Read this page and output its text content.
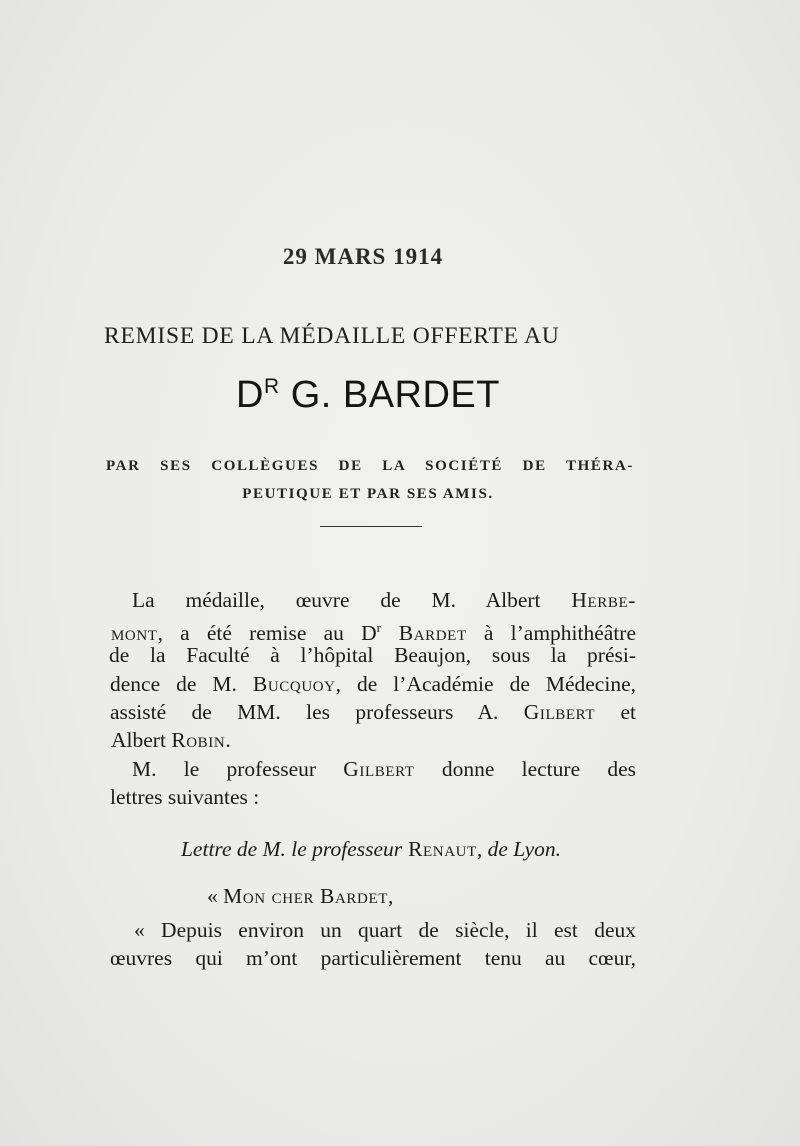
29 MARS 1914
REMISE DE LA MÉDAILLE OFFERTE AU
$D^R$ G. BARDET
PAR SES COLLÈGUES DE LA SOCIÉTÉ DE THÉRA-
PEUTIQUE ET PAR SES AMIS.
La médaille, œuvre de M. Albert Herbe-
mont, a été remise au $D^r$ Bardet à l’amphithéâtre
de la Faculté à l’hôpital Beaujon, sous la prési-
dence de M. Bucquoy, de l’Académie de Médecine,
assisté de MM. les professeurs A. Gilbert et
Albert Robin.
M. le professeur Gilbert donne lecture des
lettres suivantes :
Lettre de M. le professeur Renaut, de Lyon.
« Mon cher Bardet,
« Depuis environ un quart de siècle, il est deux
œuvres qui m’ont particulièrement tenu au cœur,
